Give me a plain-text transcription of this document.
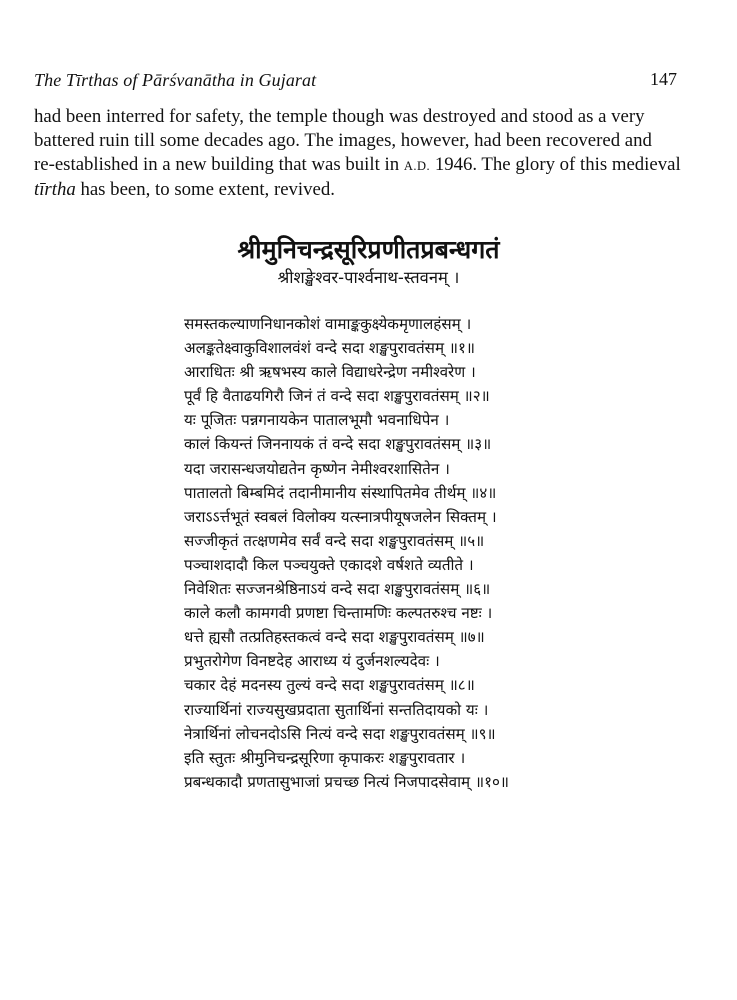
The Tīrthas of Pārśvanātha in Gujarat	147

had been interred for safety, the temple though was destroyed and stood as a very
battered ruin till some decades ago. The images, however, had been recovered and
re-established in a new building that was built in A.D. 1946. The glory of this medieval
tīrtha has been, to some extent, revived.

श्रीमुनिचन्द्रसूरिप्रणीतप्रबन्धगतं
श्रीशङ्खेश्वर-पार्श्वनाथ-स्तवनम् ।
समस्तकल्याणनिधानकोशं वामाङ्ककुक्ष्येकमृणालहंसम् ।
अलङ्कतेक्ष्वाकुविशालवंशं वन्दे सदा शङ्खपुरावतंसम् ॥१॥
आराधितः श्री ऋषभस्य काले विद्याधरेन्द्रेण नमीश्वरेण ।
पूर्वं हि वैताढयगिरौ जिनं तं वन्दे सदा शङ्खपुरावतंसम् ॥२॥
यः पूजितः पन्नगनायकेन पातालभूमौ भवनाधिपेन ।
कालं कियन्तं जिननायकं तं वन्दे सदा शङ्खपुरावतंसम् ॥३॥
यदा जरासन्धजयोद्यतेन कृष्णेन नेमीश्वरशासितेन ।
पातालतो बिम्बमिदं तदानीमानीय संस्थापितमेव तीर्थम् ॥४॥
जराऽऽर्त्तभूतं स्वबलं विलोक्य यत्स्नात्रपीयूषजलेन सिक्तम् ।
सज्जीकृतं तत्क्षणमेव सर्वं वन्दे सदा शङ्खपुरावतंसम् ॥५॥
पञ्चाशदादौ किल पञ्चयुक्ते एकादशे वर्षशते व्यतीते ।
निवेशितः सज्जनश्रेष्ठिनाऽयं वन्दे सदा शङ्खपुरावतंसम् ॥६॥
काले कलौ कामगवी प्रणष्टा चिन्तामणिः कल्पतरुश्च नष्टः ।
धत्ते ह्यसौ तत्प्रतिहस्तकत्वं वन्दे सदा शङ्खपुरावतंसम् ॥७॥
प्रभुतरोगेण विनष्टदेह आराध्य यं दुर्जनशल्यदेवः ।
चकार देहं मदनस्य तुल्यं वन्दे सदा शङ्खपुरावतंसम् ॥८॥
राज्यार्थिनां राज्यसुखप्रदाता सुतार्थिनां सन्ततिदायको यः ।
नेत्रार्थिनां लोचनदोऽसि नित्यं वन्दे सदा शङ्खपुरावतंसम् ॥९॥
इति स्तुतः श्रीमुनिचन्द्रसूरिणा कृपाकरः शङ्खपुरावतार ।
प्रबन्धकादौ प्रणतासुभाजां प्रचच्छ नित्यं निजपादसेवाम् ॥१०॥
